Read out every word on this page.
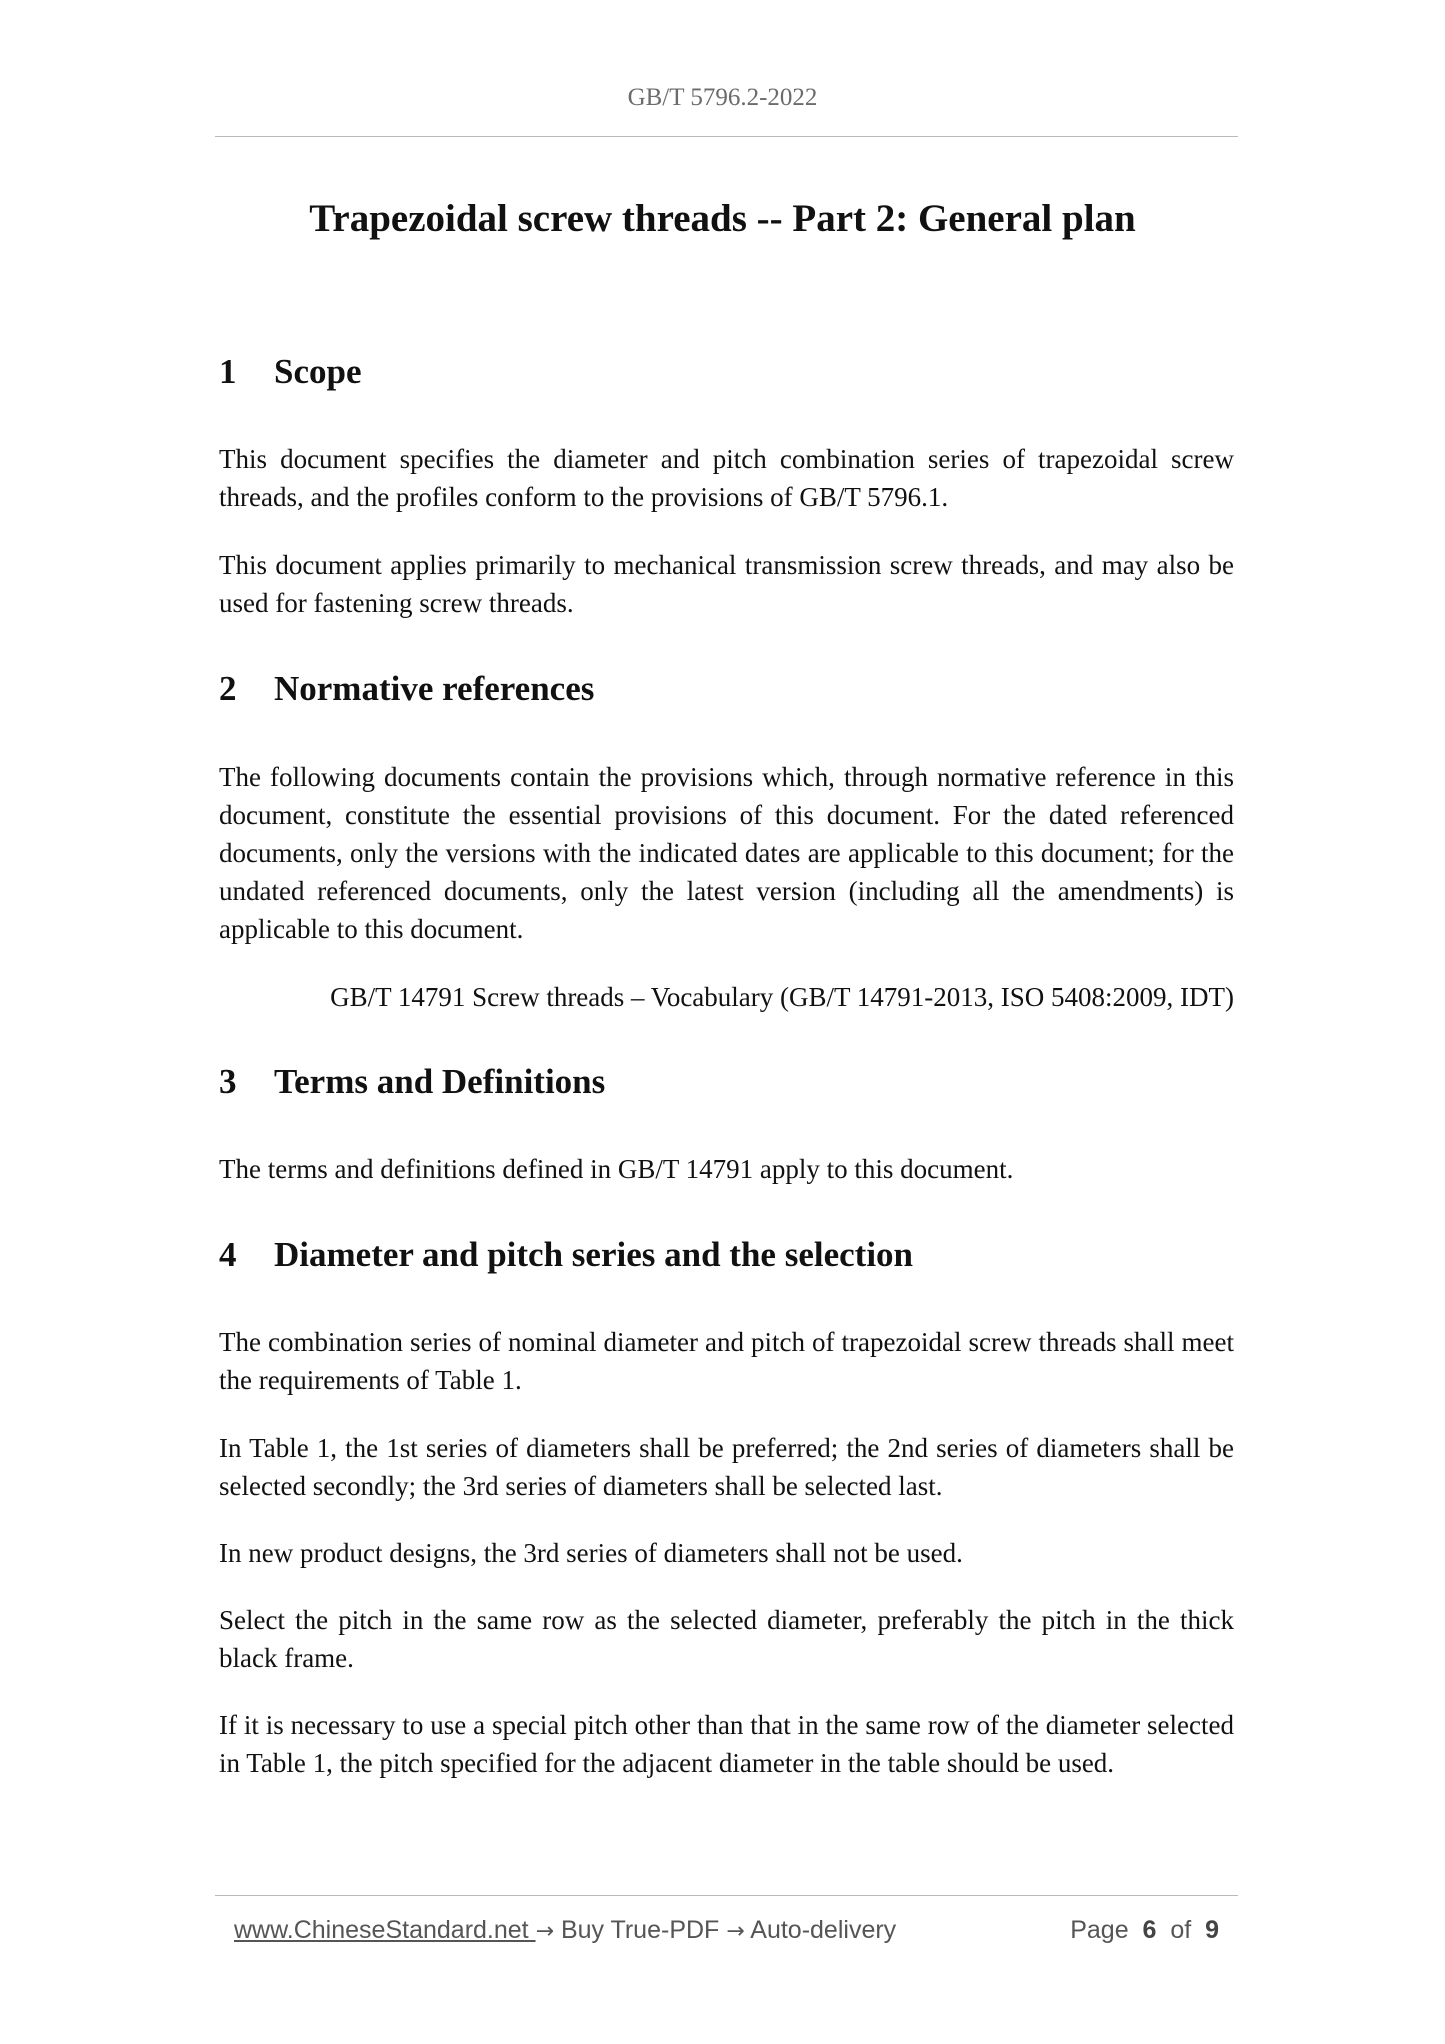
GB/T 5796.2-2022
Trapezoidal screw threads -- Part 2: General plan
1 Scope
This document specifies the diameter and pitch combination series of trapezoidal screw threads, and the profiles conform to the provisions of GB/T 5796.1.
This document applies primarily to mechanical transmission screw threads, and may also be used for fastening screw threads.
2 Normative references
The following documents contain the provisions which, through normative reference in this document, constitute the essential provisions of this document. For the dated referenced documents, only the versions with the indicated dates are applicable to this document; for the undated referenced documents, only the latest version (including all the amendments) is applicable to this document.
GB/T 14791 Screw threads – Vocabulary (GB/T 14791-2013, ISO 5408:2009, IDT)
3 Terms and Definitions
The terms and definitions defined in GB/T 14791 apply to this document.
4 Diameter and pitch series and the selection
The combination series of nominal diameter and pitch of trapezoidal screw threads shall meet the requirements of Table 1.
In Table 1, the 1st series of diameters shall be preferred; the 2nd series of diameters shall be selected secondly; the 3rd series of diameters shall be selected last.
In new product designs, the 3rd series of diameters shall not be used.
Select the pitch in the same row as the selected diameter, preferably the pitch in the thick black frame.
If it is necessary to use a special pitch other than that in the same row of the diameter selected in Table 1, the pitch specified for the adjacent diameter in the table should be used.
www.ChineseStandard.net → Buy True-PDF → Auto-delivery	Page 6 of 9
